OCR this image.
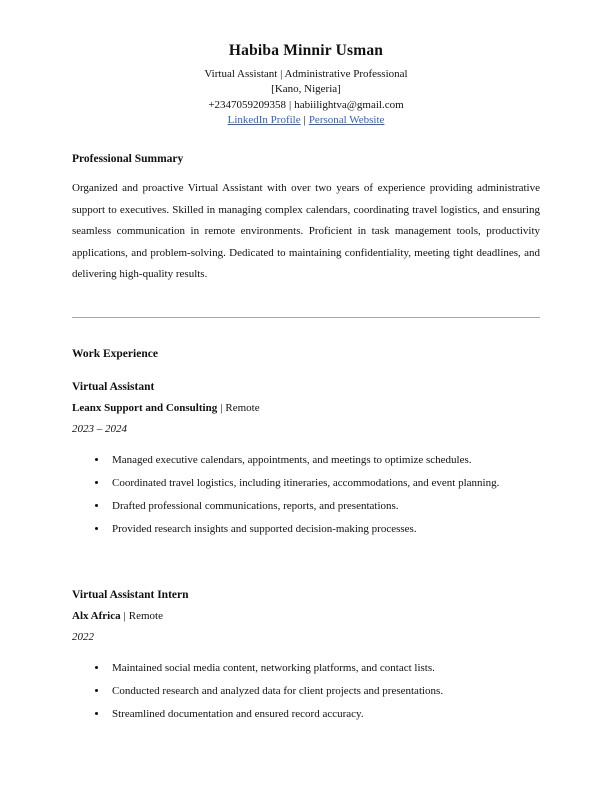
Habiba Minnir Usman
Virtual Assistant | Administrative Professional
[Kano, Nigeria]
+2347059209358 | habiilightva@gmail.com
LinkedIn Profile | Personal Website
Professional Summary

Organized and proactive Virtual Assistant with over two years of experience providing administrative support to executives. Skilled in managing complex calendars, coordinating travel logistics, and ensuring seamless communication in remote environments. Proficient in task management tools, productivity applications, and problem-solving. Dedicated to maintaining confidentiality, meeting tight deadlines, and delivering high-quality results.

Work Experience
Virtual Assistant
Leanx Support and Consulting | Remote
2023 – 2024
• Managed executive calendars, appointments, and meetings to optimize schedules.
• Coordinated travel logistics, including itineraries, accommodations, and event planning.
• Drafted professional communications, reports, and presentations.
• Provided research insights and supported decision-making processes.
Virtual Assistant Intern
Alx Africa | Remote
2022
• Maintained social media content, networking platforms, and contact lists.
• Conducted research and analyzed data for client projects and presentations.
• Streamlined documentation and ensured record accuracy.
